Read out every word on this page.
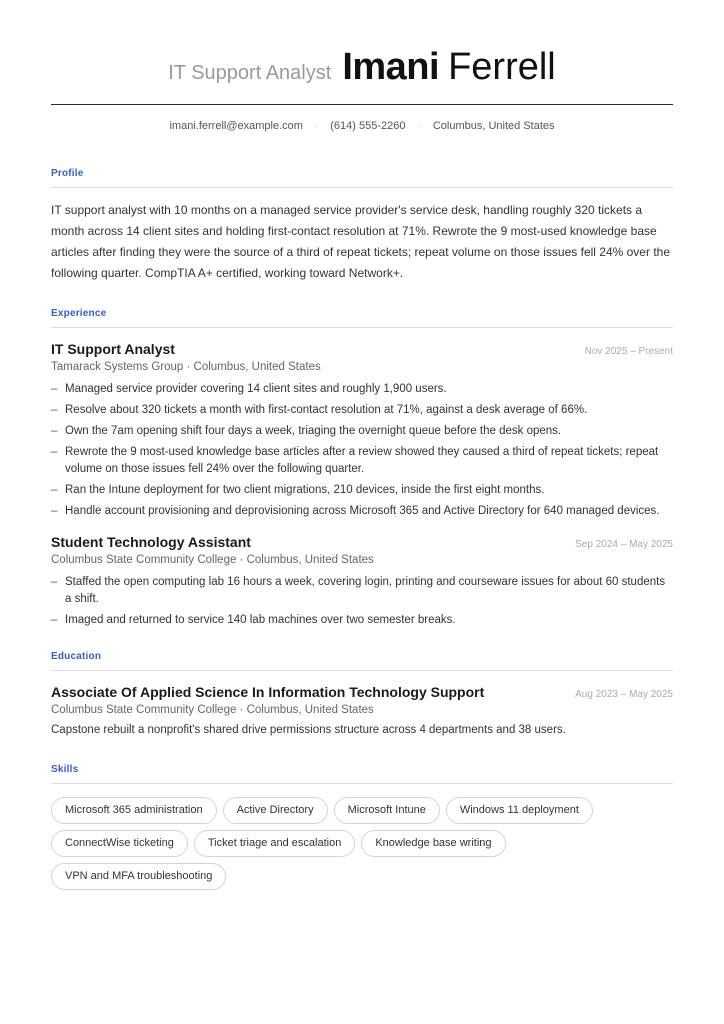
IT Support Analyst Imani Ferrell
imani.ferrell@example.com · (614) 555-2260 · Columbus, United States
Profile
IT support analyst with 10 months on a managed service provider's service desk, handling roughly 320 tickets a month across 14 client sites and holding first-contact resolution at 71%. Rewrote the 9 most-used knowledge base articles after finding they were the source of a third of repeat tickets; repeat volume on those issues fell 24% over the following quarter. CompTIA A+ certified, working toward Network+.
Experience
IT Support Analyst	Nov 2025 – Present
Tamarack Systems Group · Columbus, United States
– Managed service provider covering 14 client sites and roughly 1,900 users.
– Resolve about 320 tickets a month with first-contact resolution at 71%, against a desk average of 66%.
– Own the 7am opening shift four days a week, triaging the overnight queue before the desk opens.
– Rewrote the 9 most-used knowledge base articles after a review showed they caused a third of repeat tickets; repeat volume on those issues fell 24% over the following quarter.
– Ran the Intune deployment for two client migrations, 210 devices, inside the first eight months.
– Handle account provisioning and deprovisioning across Microsoft 365 and Active Directory for 640 managed devices.
Student Technology Assistant	Sep 2024 – May 2025
Columbus State Community College · Columbus, United States
– Staffed the open computing lab 16 hours a week, covering login, printing and courseware issues for about 60 students a shift.
– Imaged and returned to service 140 lab machines over two semester breaks.
Education
Associate Of Applied Science In Information Technology Support	Aug 2023 – May 2025
Columbus State Community College · Columbus, United States
Capstone rebuilt a nonprofit's shared drive permissions structure across 4 departments and 38 users.
Skills
Microsoft 365 administration	Active Directory	Microsoft Intune	Windows 11 deployment
ConnectWise ticketing	Ticket triage and escalation	Knowledge base writing
VPN and MFA troubleshooting
